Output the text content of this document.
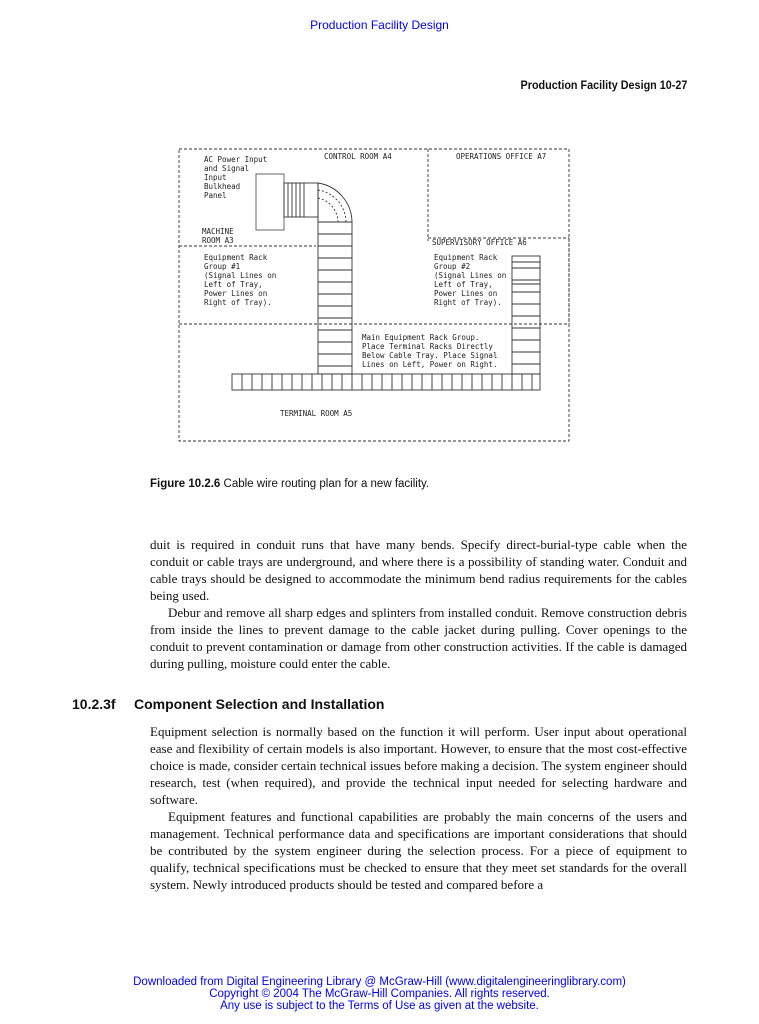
Production Facility Design
Production Facility Design 10-27
AC Power Input
and Signal
Input
Bulkhead
Panel
CONTROL ROOM A4	OPERATIONS OFFICE A7
MACHINE
ROOM A3	SUPERVISORY OFFICE A6
Equipment Rack
Group #1
(Signal Lines on
Left of Tray,
Power Lines on
Right of Tray).
Equipment Rack
Group #2
(Signal Lines on
Left of Tray,
Power Lines on
Right of Tray).
Main Equipment Rack Group.
Place Terminal Racks Directly
Below Cable Tray. Place Signal
Lines on Left, Power on Right.
TERMINAL ROOM A5
Figure 10.2.6 Cable wire routing plan for a new facility.

duit is required in conduit runs that have many bends. Specify direct-burial-type cable when the conduit or cable trays are underground, and where there is a possibility of standing water. Conduit and cable trays should be designed to accommodate the minimum bend radius requirements for the cables being used.

Debur and remove all sharp edges and splinters from installed conduit. Remove construction debris from inside the lines to prevent damage to the cable jacket during pulling. Cover openings to the conduit to prevent contamination or damage from other construction activities. If the cable is damaged during pulling, moisture could enter the cable.

10.2.3f Component Selection and Installation

Equipment selection is normally based on the function it will perform. User input about operational ease and flexibility of certain models is also important. However, to ensure that the most cost-effective choice is made, consider certain technical issues before making a decision. The system engineer should research, test (when required), and provide the technical input needed for selecting hardware and software.

Equipment features and functional capabilities are probably the main concerns of the users and management. Technical performance data and specifications are important considerations that should be contributed by the system engineer during the selection process. For a piece of equipment to qualify, technical specifications must be checked to ensure that they meet set standards for the overall system. Newly introduced products should be tested and compared before a

Downloaded from Digital Engineering Library @ McGraw-Hill (www.digitalengineeringlibrary.com)
Copyright © 2004 The McGraw-Hill Companies. All rights reserved.
Any use is subject to the Terms of Use as given at the website.
